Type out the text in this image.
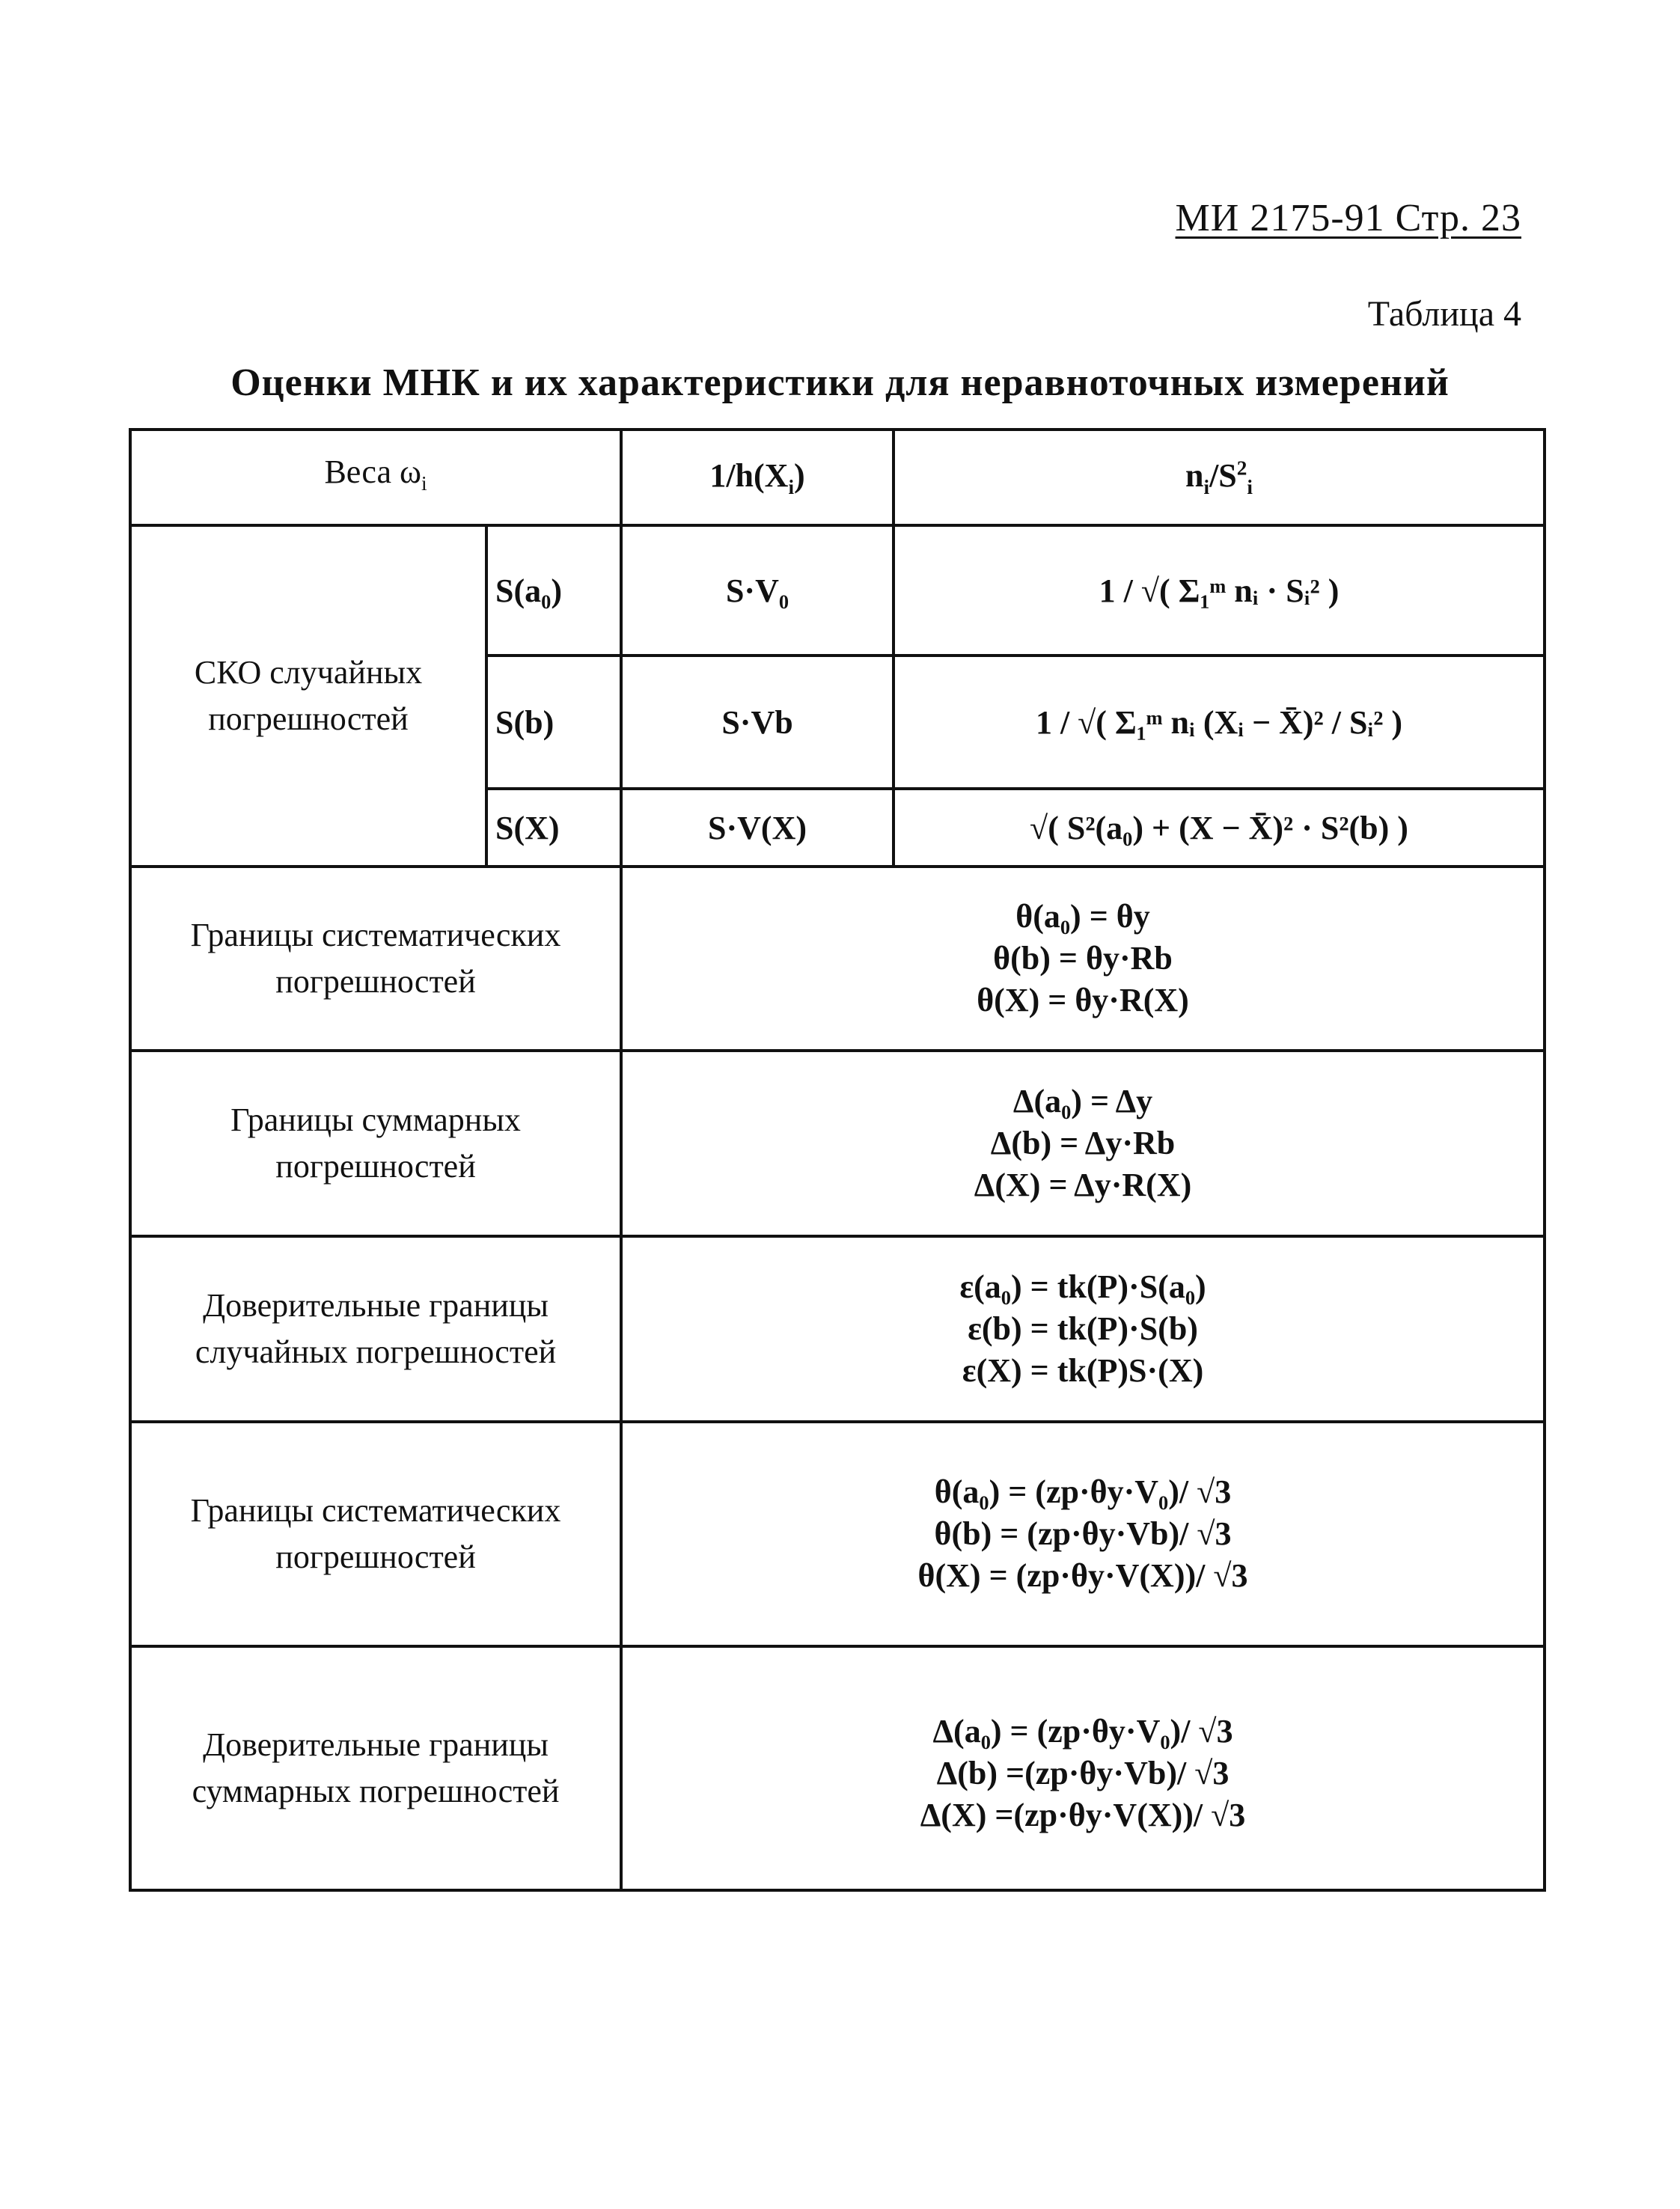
МИ 2175-91 Стр. 23
Таблица 4
Оценки МНК и их характеристики для неравноточных измерений
Веса $\omega_i$		$1/h(X_i)$	$n_i/S^2_i$
СКО случайных погрешностей	S(a₀)	S·V₀	1 / √( Σ₁ᵐ nᵢ · Sᵢ² )
	S(b)	S·Vb	1 / √( Σ₁ᵐ nᵢ (Xᵢ − X̄)² / Sᵢ² )
	S(X)	S·V(X)	√( S²(a₀) + (X − X̄)² · S²(b) )
Границы систематических погрешностей		θ(a₀) = θy
θ(b) = θy·Rb
θ(X) = θy·R(X)	

Границы суммарных погрешностей		Δ(a₀) = Δy
Δ(b) = Δy·Rb
Δ(X) = Δy·R(X)	

Доверительные границы случайных погрешностей		ε(a₀) = tk(P)·S(a₀)
ε(b) = tk(P)·S(b)
ε(X) = tk(P)S·(X)	

Границы систематических погрешностей		θ(a₀) = (zp·θy·V₀)/ √3
θ(b) = (zp·θy·Vb)/ √3
θ(X) = (zp·θy·V(X))/ √3	

Доверительные границы суммарных погрешностей		Δ(a₀) = (zp·θy·V₀)/ √3
Δ(b) =(zp·θy·Vb)/ √3
Δ(X) =(zp·θy·V(X))/ √3	
